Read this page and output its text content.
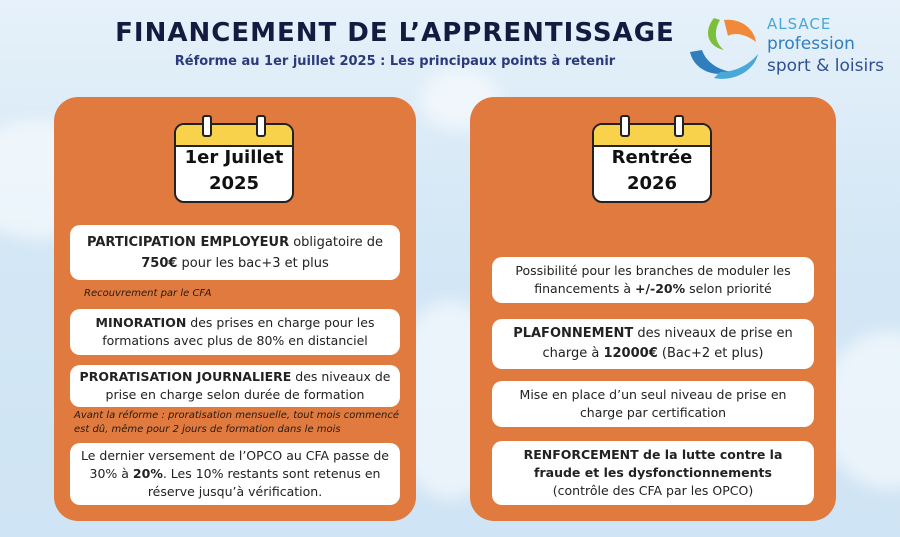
FINANCEMENT DE L’APPRENTISSAGE
Réforme au 1er juillet 2025 : Les principaux points à retenir
ALSACE
profession
sport & loisirs
1er Juillet
2025
PARTICIPATION EMPLOYEUR obligatoire de 750€ pour les bac+3 et plus
Recouvrement par le CFA
MINORATION des prises en charge pour les formations avec plus de 80% en distanciel
PRORATISATION JOURNALIERE des niveaux de prise en charge selon durée de formation
Avant la réforme : proratisation mensuelle, tout mois commencé est dû, même pour 2 jours de formation dans le mois
Le dernier versement de l’OPCO au CFA passe de 30% à 20%. Les 10% restants sont retenus en réserve jusqu’à vérification.
Rentrée
2026
Possibilité pour les branches de moduler les financements à +/-20% selon priorité
PLAFONNEMENT des niveaux de prise en charge à 12000€ (Bac+2 et plus)
Mise en place d’un seul niveau de prise en charge par certification
RENFORCEMENT de la lutte contre la fraude et les dysfonctionnements
(contrôle des CFA par les OPCO)
